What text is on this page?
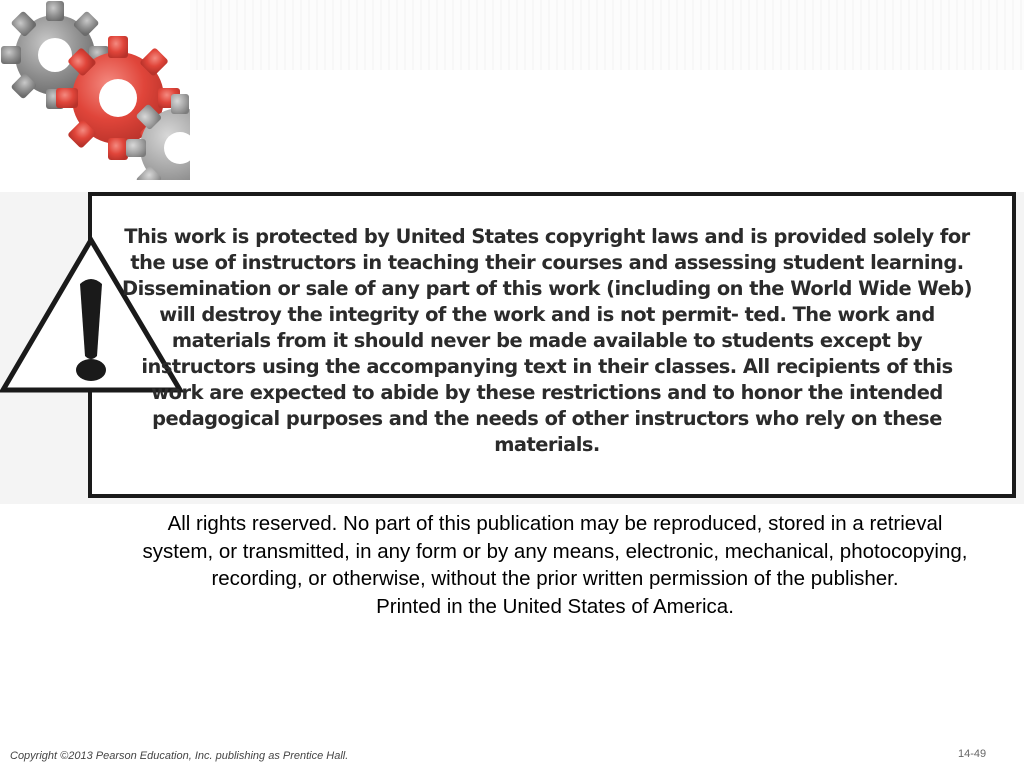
This work is protected by United States copyright laws and is provided solely for the use of instructors in teaching their courses and assessing student learning. Dissemination or sale of any part of this work (including on the World Wide Web) will destroy the integrity of the work and is not permit- ted. The work and materials from it should never be made available to students except by instructors using the accompanying text in their classes. All recipients of this work are expected to abide by these restrictions and to honor the intended pedagogical purposes and the needs of other instructors who rely on these materials.

All rights reserved. No part of this publication may be reproduced, stored in a retrieval
system, or transmitted, in any form or by any means, electronic, mechanical, photocopying,
recording, or otherwise, without the prior written permission of the publisher.
Printed in the United States of America.
Copyright ©2013 Pearson Education, Inc. publishing as Prentice Hall.	14-49
